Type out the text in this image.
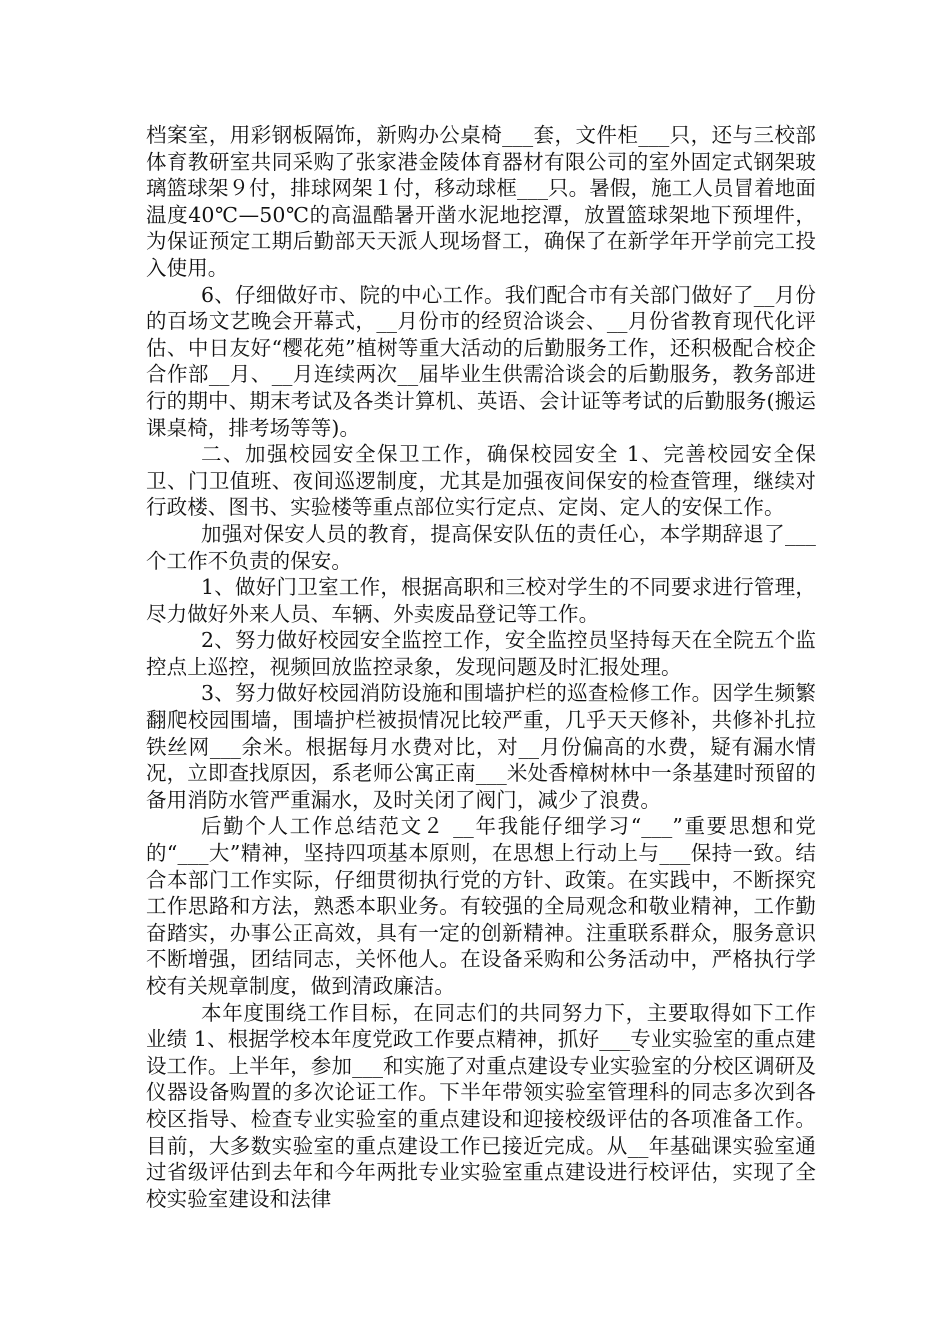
档案室，用彩钢板隔饰，新购办公桌椅___套，文件柜___只，还与三校部体育教研室共同采购了张家港金陵体育器材有限公司的室外固定式钢架玻璃篮球架９付，排球网架１付，移动球框___只。暑假，施工人员冒着地面温度40℃—50℃的高温酷暑开凿水泥地挖潭，放置篮球架地下预埋件，为保证预定工期后勤部天天派人现场督工，确保了在新学年开学前完工投入使用。

6、仔细做好市、院的中心工作。我们配合市有关部门做好了__月份的百场文艺晚会开幕式，__月份市的经贸洽谈会、__月份省教育现代化评估、中日友好“樱花苑”植树等重大活动的后勤服务工作，还积极配合校企合作部__月、__月连续两次__届毕业生供需洽谈会的后勤服务，教务部进行的期中、期末考试及各类计算机、英语、会计证等考试的后勤服务(搬运课桌椅，排考场等等)。

二、加强校园安全保卫工作，确保校园安全 1、完善校园安全保卫、门卫值班、夜间巡逻制度，尤其是加强夜间保安的检查管理，继续对行政楼、图书、实验楼等重点部位实行定点、定岗、定人的安保工作。

加强对保安人员的教育，提高保安队伍的责任心，本学期辞退了___个工作不负责的保安。

1、做好门卫室工作，根据高职和三校对学生的不同要求进行管理，尽力做好外来人员、车辆、外卖废品登记等工作。

2、努力做好校园安全监控工作，安全监控员坚持每天在全院五个监控点上巡控，视频回放监控录象，发现问题及时汇报处理。

3、努力做好校园消防设施和围墙护栏的巡查检修工作。因学生频繁翻爬校园围墙，围墙护栏被损情况比较严重，几乎天天修补，共修补扎拉铁丝网___余米。根据每月水费对比，对__月份偏高的水费，疑有漏水情况，立即查找原因，系老师公寓正南___米处香樟树林中一条基建时预留的备用消防水管严重漏水，及时关闭了阀门，减少了浪费。

后勤个人工作总结范文２ __年我能仔细学习“___”重要思想和党的“___大”精神，坚持四项基本原则，在思想上行动上与___保持一致。结合本部门工作实际，仔细贯彻执行党的方针、政策。在实践中，不断探究工作思路和方法，熟悉本职业务。有较强的全局观念和敬业精神，工作勤奋踏实，办事公正高效，具有一定的创新精神。注重联系群众，服务意识不断增强，团结同志，关怀他人。在设备采购和公务活动中，严格执行学校有关规章制度，做到清政廉洁。

本年度围绕工作目标，在同志们的共同努力下，主要取得如下工作业绩 1、根据学校本年度党政工作要点精神，抓好___专业实验室的重点建设工作。上半年，参加___和实施了对重点建设专业实验室的分校区调研及仪器设备购置的多次论证工作。下半年带领实验室管理科的同志多次到各校区指导、检查专业实验室的重点建设和迎接校级评估的各项准备工作。目前，大多数实验室的重点建设工作已接近完成。从__年基础课实验室通过省级评估到去年和今年两批专业实验室重点建设进行校评估，实现了全校实验室建设和法律
